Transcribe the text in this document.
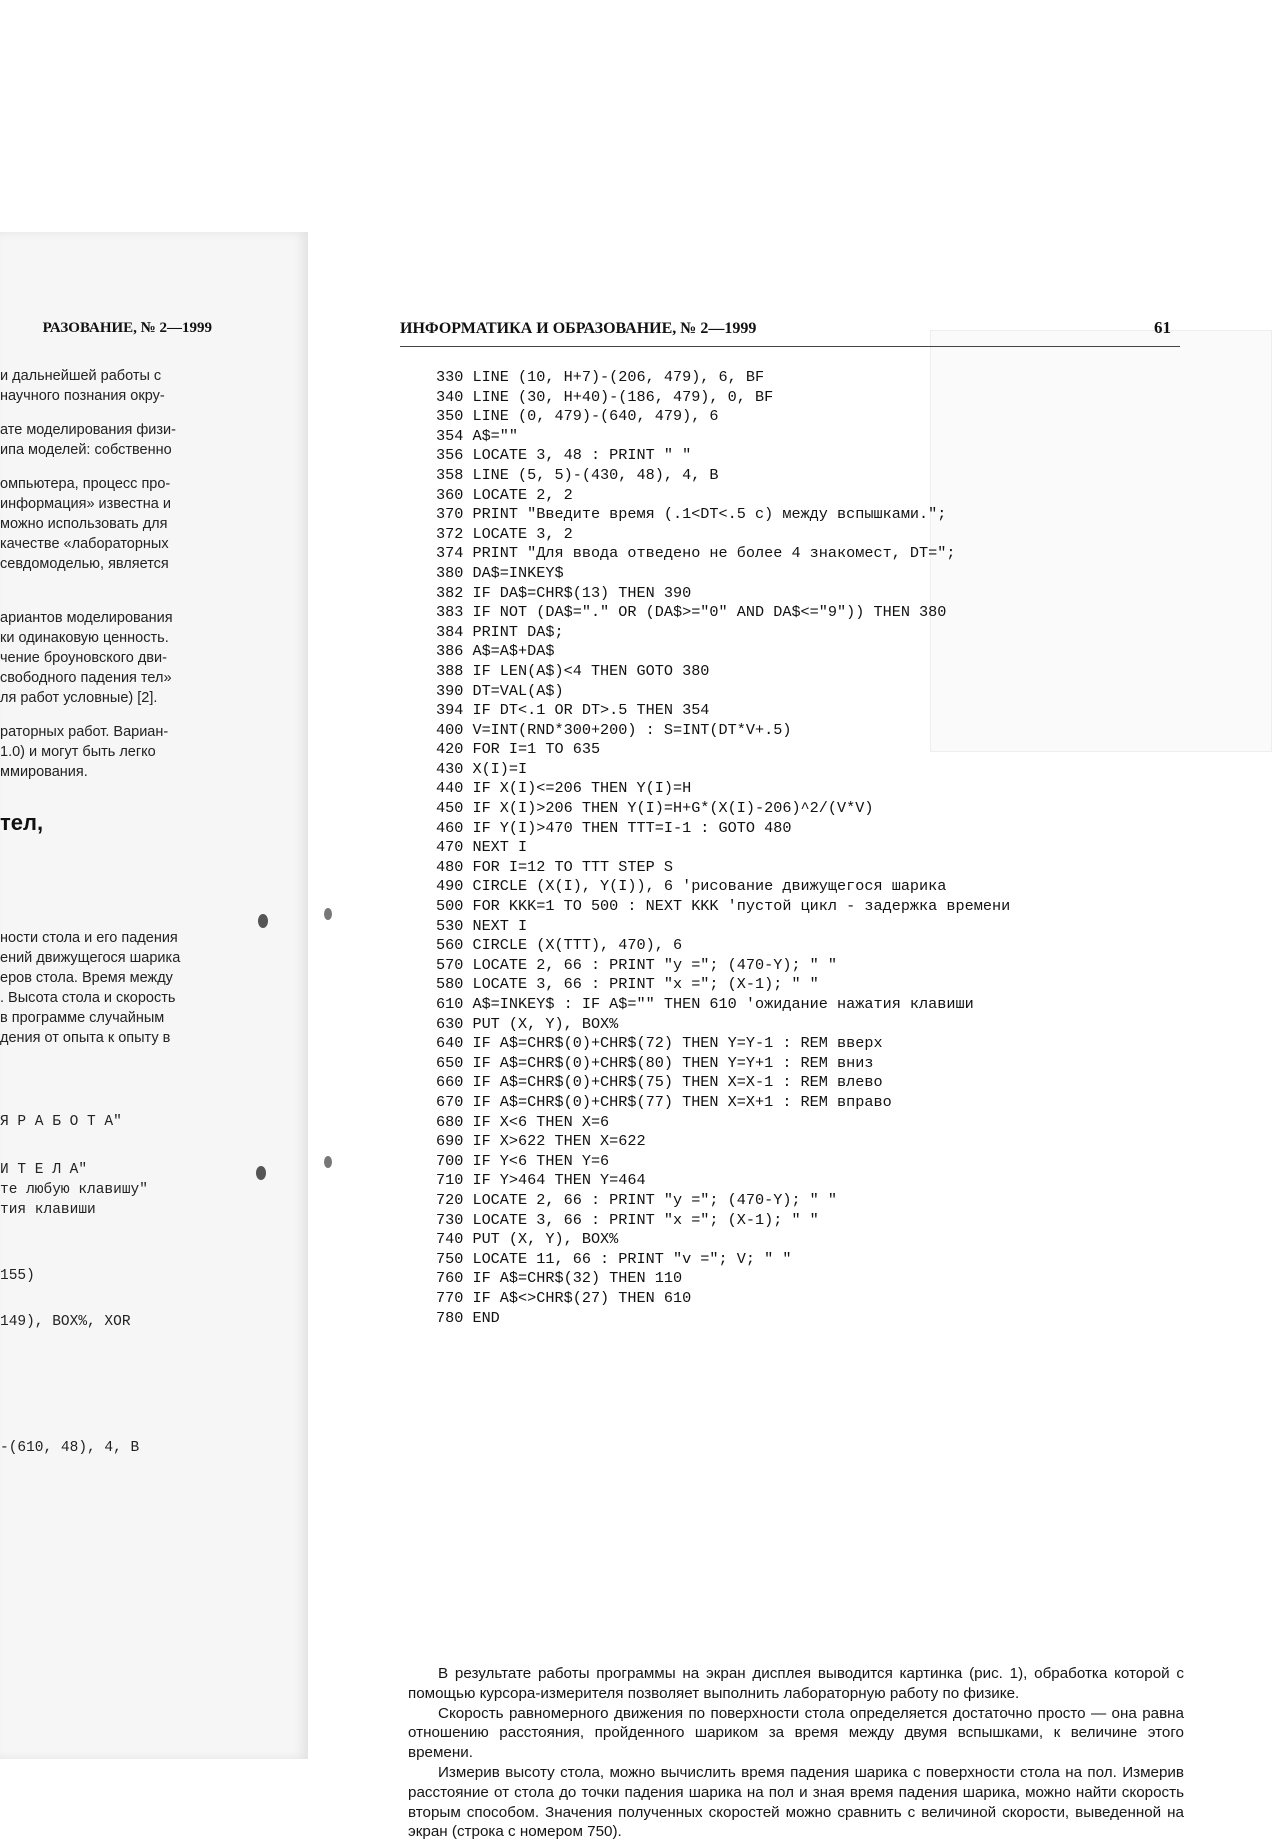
РАЗОВАНИЕ, № 2—1999
и дальнейшей работы с
научного познания окру-
ате моделирования физи-
ипа моделей: собственно
омпьютера, процесс про-
информация» известна и
можно использовать для
качестве «лабораторных
севдомоделью, является
ариантов моделирования
ки одинаковую ценность.
чение броуновского дви-
свободного падения тел»
ля работ условные) [2].
раторных работ. Вариан-
1.0) и могут быть легко
ммирования.
тел,
ности стола и его падения
ений движущегося шарика
еров стола. Время между
. Высота стола и скорость
в программе случайным
дения от опыта к опыту в
Я Р А Б О Т А"
И Т Е Л А"
те любую клавишу"
тия клавиши
155)
149), BOX%, XOR
-(610, 48), 4, B
ИНФОРМАТИКА И ОБРАЗОВАНИЕ, № 2—1999	61
330 LINE (10, H+7)-(206, 479), 6, BF
340 LINE (30, H+40)-(186, 479), 0, BF
350 LINE (0, 479)-(640, 479), 6
354 A$=""
356 LOCATE 3, 48 : PRINT " "
358 LINE (5, 5)-(430, 48), 4, B
360 LOCATE 2, 2
370 PRINT "Введите время (.1<DT<.5 c) между вспышками.";
372 LOCATE 3, 2
374 PRINT "Для ввода отведено не более 4 знакомест, DT=";
380 DA$=INKEY$
382 IF DA$=CHR$(13) THEN 390
383 IF NOT (DA$="." OR (DA$>="0" AND DA$<="9")) THEN 380
384 PRINT DA$;
386 A$=A$+DA$
388 IF LEN(A$)<4 THEN GOTO 380
390 DT=VAL(A$)
394 IF DT<.1 OR DT>.5 THEN 354
400 V=INT(RND*300+200) : S=INT(DT*V+.5)
420 FOR I=1 TO 635
430 X(I)=I
440 IF X(I)<=206 THEN Y(I)=H
450 IF X(I)>206 THEN Y(I)=H+G*(X(I)-206)^2/(V*V)
460 IF Y(I)>470 THEN TTT=I-1 : GOTO 480
470 NEXT I
480 FOR I=12 TO TTT STEP S
490 CIRCLE (X(I), Y(I)), 6 'рисование движущегося шарика
500 FOR KKK=1 TO 500 : NEXT KKK 'пустой цикл - задержка времени
530 NEXT I
560 CIRCLE (X(TTT), 470), 6
570 LOCATE 2, 66 : PRINT "y ="; (470-Y); " "
580 LOCATE 3, 66 : PRINT "x ="; (X-1); " "
610 A$=INKEY$ : IF A$="" THEN 610 'ожидание нажатия клавиши
630 PUT (X, Y), BOX%
640 IF A$=CHR$(0)+CHR$(72) THEN Y=Y-1 : REM вверх
650 IF A$=CHR$(0)+CHR$(80) THEN Y=Y+1 : REM вниз
660 IF A$=CHR$(0)+CHR$(75) THEN X=X-1 : REM влево
670 IF A$=CHR$(0)+CHR$(77) THEN X=X+1 : REM вправо
680 IF X<6 THEN X=6
690 IF X>622 THEN X=622
700 IF Y<6 THEN Y=6
710 IF Y>464 THEN Y=464
720 LOCATE 2, 66 : PRINT "y ="; (470-Y); " "
730 LOCATE 3, 66 : PRINT "x ="; (X-1); " "
740 PUT (X, Y), BOX%
750 LOCATE 11, 66 : PRINT "v ="; V; " "
760 IF A$=CHR$(32) THEN 110
770 IF A$<>CHR$(27) THEN 610
780 END

В результате работы программы на экран дисплея выводится картинка (рис. 1), обработка которой с помощью курсора-измерителя позволяет выполнить лабораторную работу по физике.

Скорость равномерного движения по поверхности стола определяется достаточно просто — она равна отношению расстояния, пройденного шариком за время между двумя вспышками, к величине этого времени.

Измерив высоту стола, можно вычислить время падения шарика с поверхности стола на пол. Измерив расстояние от стола до точки падения шарика на пол и зная время падения шарика, можно найти скорость вторым способом. Значения полученных скоростей можно сравнить с величиной скорости, выведенной на экран (строка с номером 750).
